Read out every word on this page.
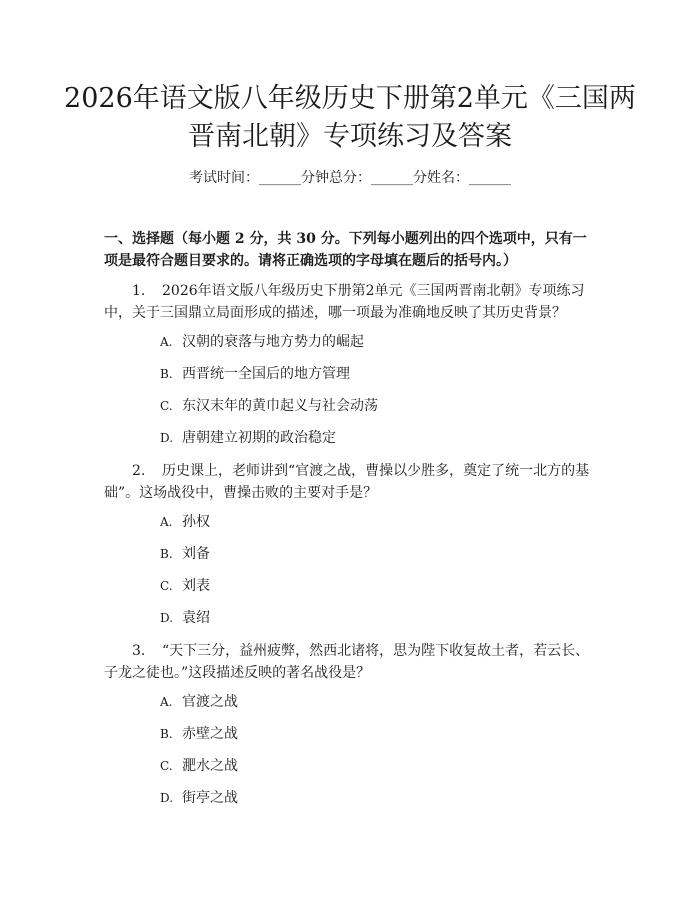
2026年语文版八年级历史下册第2单元《三国两晋南北朝》专项练习及答案
考试时间：______分钟总分：______分姓名：______

一、选择题（每小题 2 分，共 30 分。下列每小题列出的四个选项中，只有一项是最符合题目要求的。请将正确选项的字母填在题后的括号内。）

1. 2026年语文版八年级历史下册第2单元《三国两晋南北朝》专项练习中，关于三国鼎立局面形成的描述，哪一项最为准确地反映了其历史背景？

A. 汉朝的衰落与地方势力的崛起

B. 西晋统一全国后的地方管理

C. 东汉末年的黄巾起义与社会动荡

D. 唐朝建立初期的政治稳定

2. 历史课上，老师讲到“官渡之战，曹操以少胜多，奠定了统一北方的基础”。这场战役中，曹操击败的主要对手是？

A. 孙权

B. 刘备

C. 刘表

D. 袁绍

3. “天下三分，益州疲弊，然西北诸将，思为陛下收复故土者，若云长、子龙之徒也。”这段描述反映的著名战役是？

A. 官渡之战

B. 赤壁之战

C. 淝水之战

D. 街亭之战
